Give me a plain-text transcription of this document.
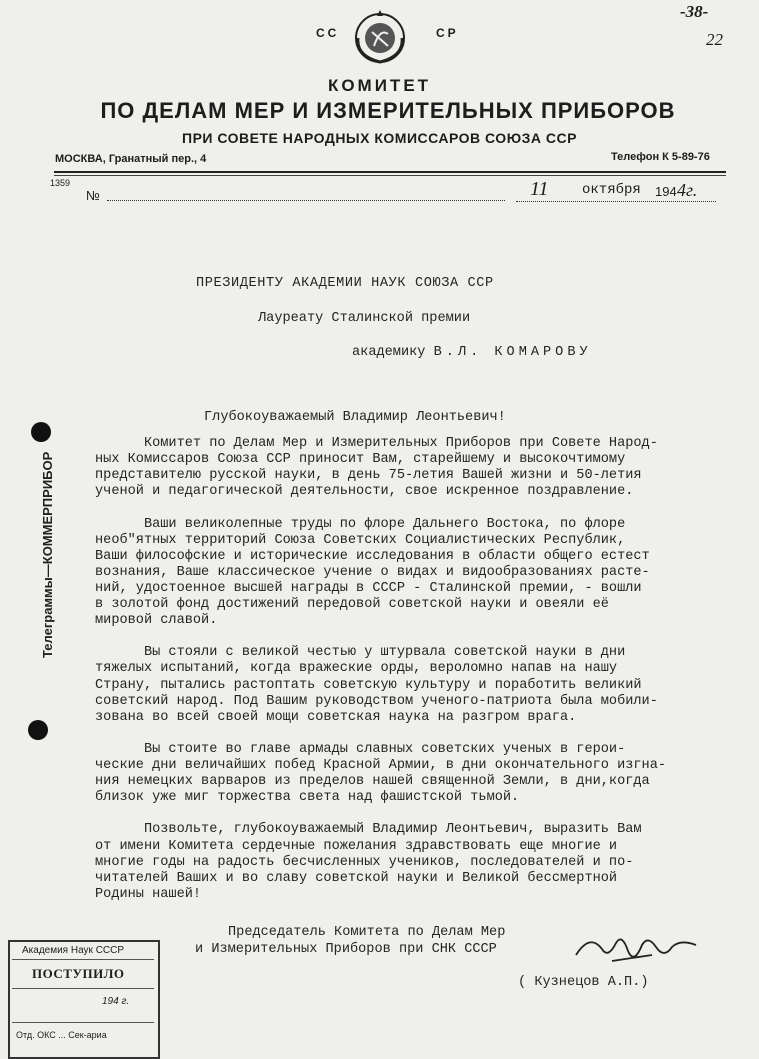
СС	СР
КОМИТЕТ
ПО ДЕЛАМ МЕР И ИЗМЕРИТЕЛЬНЫХ ПРИБОРОВ
ПРИ СОВЕТЕ НАРОДНЫХ КОМИССАРОВ СОЮЗА ССР
МОСКВА, Гранатный пер., 4	Телефон К 5-89-76
1359
№	11 октября 194 4г.
-38-
22
ПРЕЗИДЕНТУ АКАДЕМИИ НАУК СОЮЗА ССР
Лауреату Сталинской премии
академику В.Л. КОМАРОВУ
Глубокоуважаемый Владимир Леонтьевич!
Комитет по Делам Мер и Измерительных Приборов при Совете Народ-
ных Комиссаров Союза ССР приносит Вам, старейшему и высокочтимому
представителю русской науки, в день 75-летия Вашей жизни и 50-летия
ученой и педагогической деятельности, свое искренное поздравление.
Ваши великолепные труды по флоре Дальнего Востока, по флоре
необ"ятных территорий Союза Советских Социалистических Республик,
Ваши философские и исторические исследования в области общего естест
вознания, Ваше классическое учение о видах и видообразованиях расте-
ний, удостоенное высшей награды в СССР - Сталинской премии, - вошли
в золотой фонд достижений передовой советской науки и овеяли её
мировой славой.
Вы стояли с великой честью у штурвала советской науки в дни
тяжелых испытаний, когда вражеские орды, вероломно напав на нашу
Страну, пытались растоптать советскую культуру и поработить великий
советский народ. Под Вашим руководством ученого-патриота была мобили-
зована во всей своей мощи советская наука на разгром врага.
Вы стоите во главе армады славных советских ученых в герои-
ческие дни величайших побед Красной Армии, в дни окончательного изгна-
ния немецких варваров из пределов нашей священной Земли, в дни,когда
близок уже миг торжества света над фашистской тьмой.
Позвольте, глубокоуважаемый Владимир Леонтьевич, выразить Вам
от имени Комитета сердечные пожелания здравствовать еще многие и
многие годы на радость бесчисленных учеников, последователей и по-
читателей Ваших и во славу советской науки и Великой бессмертной
Родины нашей!
Председатель Комитета по Делам Мер
и Измерительных Приборов при СНК СССР
( Кузнецов А.П.)
Телеграммы—КОММЕРПРИБОР
Академия Наук СССР
ПОСТУПИЛО
194 г.
Отд. ОКС ... Сек-ариа
